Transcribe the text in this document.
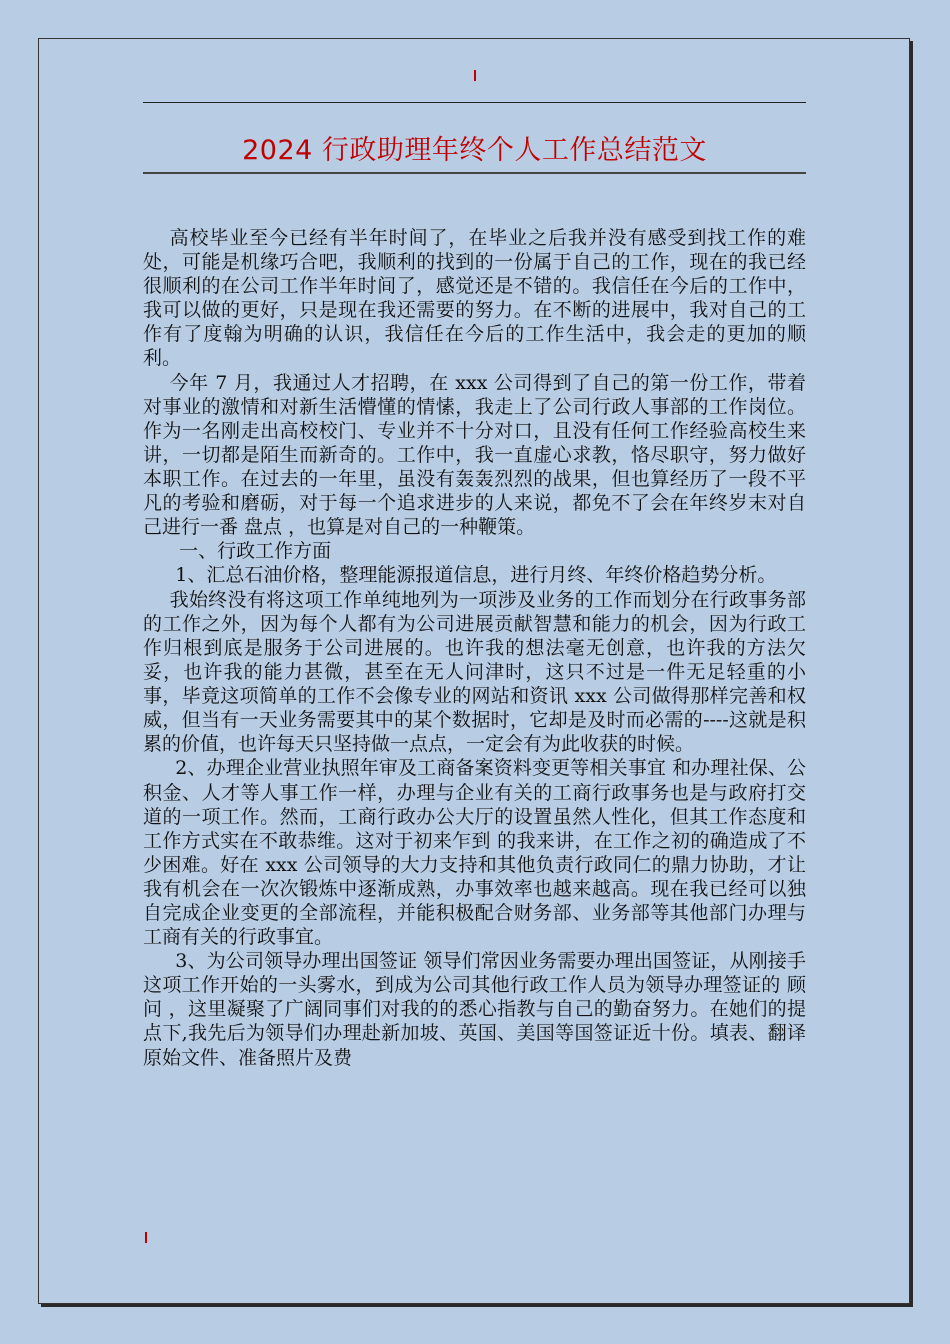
2024 行政助理年终个人工作总结范文

高校毕业至今已经有半年时间了，在毕业之后我并没有感受到找工作的难处，可能是机缘巧合吧，我顺利的找到的一份属于自己的工作，现在的我已经很顺利的在公司工作半年时间了，感觉还是不错的。我信任在今后的工作中，我可以做的更好，只是现在我还需要的努力。在不断的进展中，我对自己的工作有了度翰为明确的认识，我信任在今后的工作生活中，我会走的更加的顺利。

今年 7 月，我通过人才招聘，在 xxx 公司得到了自己的第一份工作，带着对事业的激情和对新生活懵懂的情愫，我走上了公司行政人事部的工作岗位。作为一名刚走出高校校门、专业并不十分对口，且没有任何工作经验高校生来讲，一切都是陌生而新奇的。工作中，我一直虚心求教，恪尽职守，努力做好本职工作。在过去的一年里，虽没有轰轰烈烈的战果，但也算经历了一段不平凡的考验和磨砺，对于每一个追求进步的人来说，都免不了会在年终岁末对自己进行一番 盘点 ，也算是对自己的一种鞭策。

一、行政工作方面

1、汇总石油价格，整理能源报道信息，进行月终、年终价格趋势分析。

我始终没有将这项工作单纯地列为一项涉及业务的工作而划分在行政事务部的工作之外，因为每个人都有为公司进展贡献智慧和能力的机会，因为行政工作归根到底是服务于公司进展的。也许我的想法毫无创意，也许我的方法欠妥，也许我的能力甚微，甚至在无人问津时，这只不过是一件无足轻重的小事，毕竟这项简单的工作不会像专业的网站和资讯 xxx 公司做得那样完善和权威，但当有一天业务需要其中的某个数据时，它却是及时而必需的----这就是积累的价值，也许每天只坚持做一点点，一定会有为此收获的时候。

2、办理企业营业执照年审及工商备案资料变更等相关事宜 和办理社保、公积金、人才等人事工作一样，办理与企业有关的工商行政事务也是与政府打交道的一项工作。然而，工商行政办公大厅的设置虽然人性化，但其工作态度和工作方式实在不敢恭维。这对于初来乍到 的我来讲，在工作之初的确造成了不少困难。好在 xxx 公司领导的大力支持和其他负责行政同仁的鼎力协助，才让我有机会在一次次锻炼中逐渐成熟，办事效率也越来越高。现在我已经可以独自完成企业变更的全部流程，并能积极配合财务部、业务部等其他部门办理与工商有关的行政事宜。

3、为公司领导办理出国签证 领导们常因业务需要办理出国签证，从刚接手这项工作开始的一头雾水，到成为公司其他行政工作人员为领导办理签证的 顾问 ，这里凝聚了广阔同事们对我的的悉心指教与自己的勤奋努力。在她们的提点下,我先后为领导们办理赴新加坡、英国、美国等国签证近十份。填表、翻译原始文件、准备照片及费
